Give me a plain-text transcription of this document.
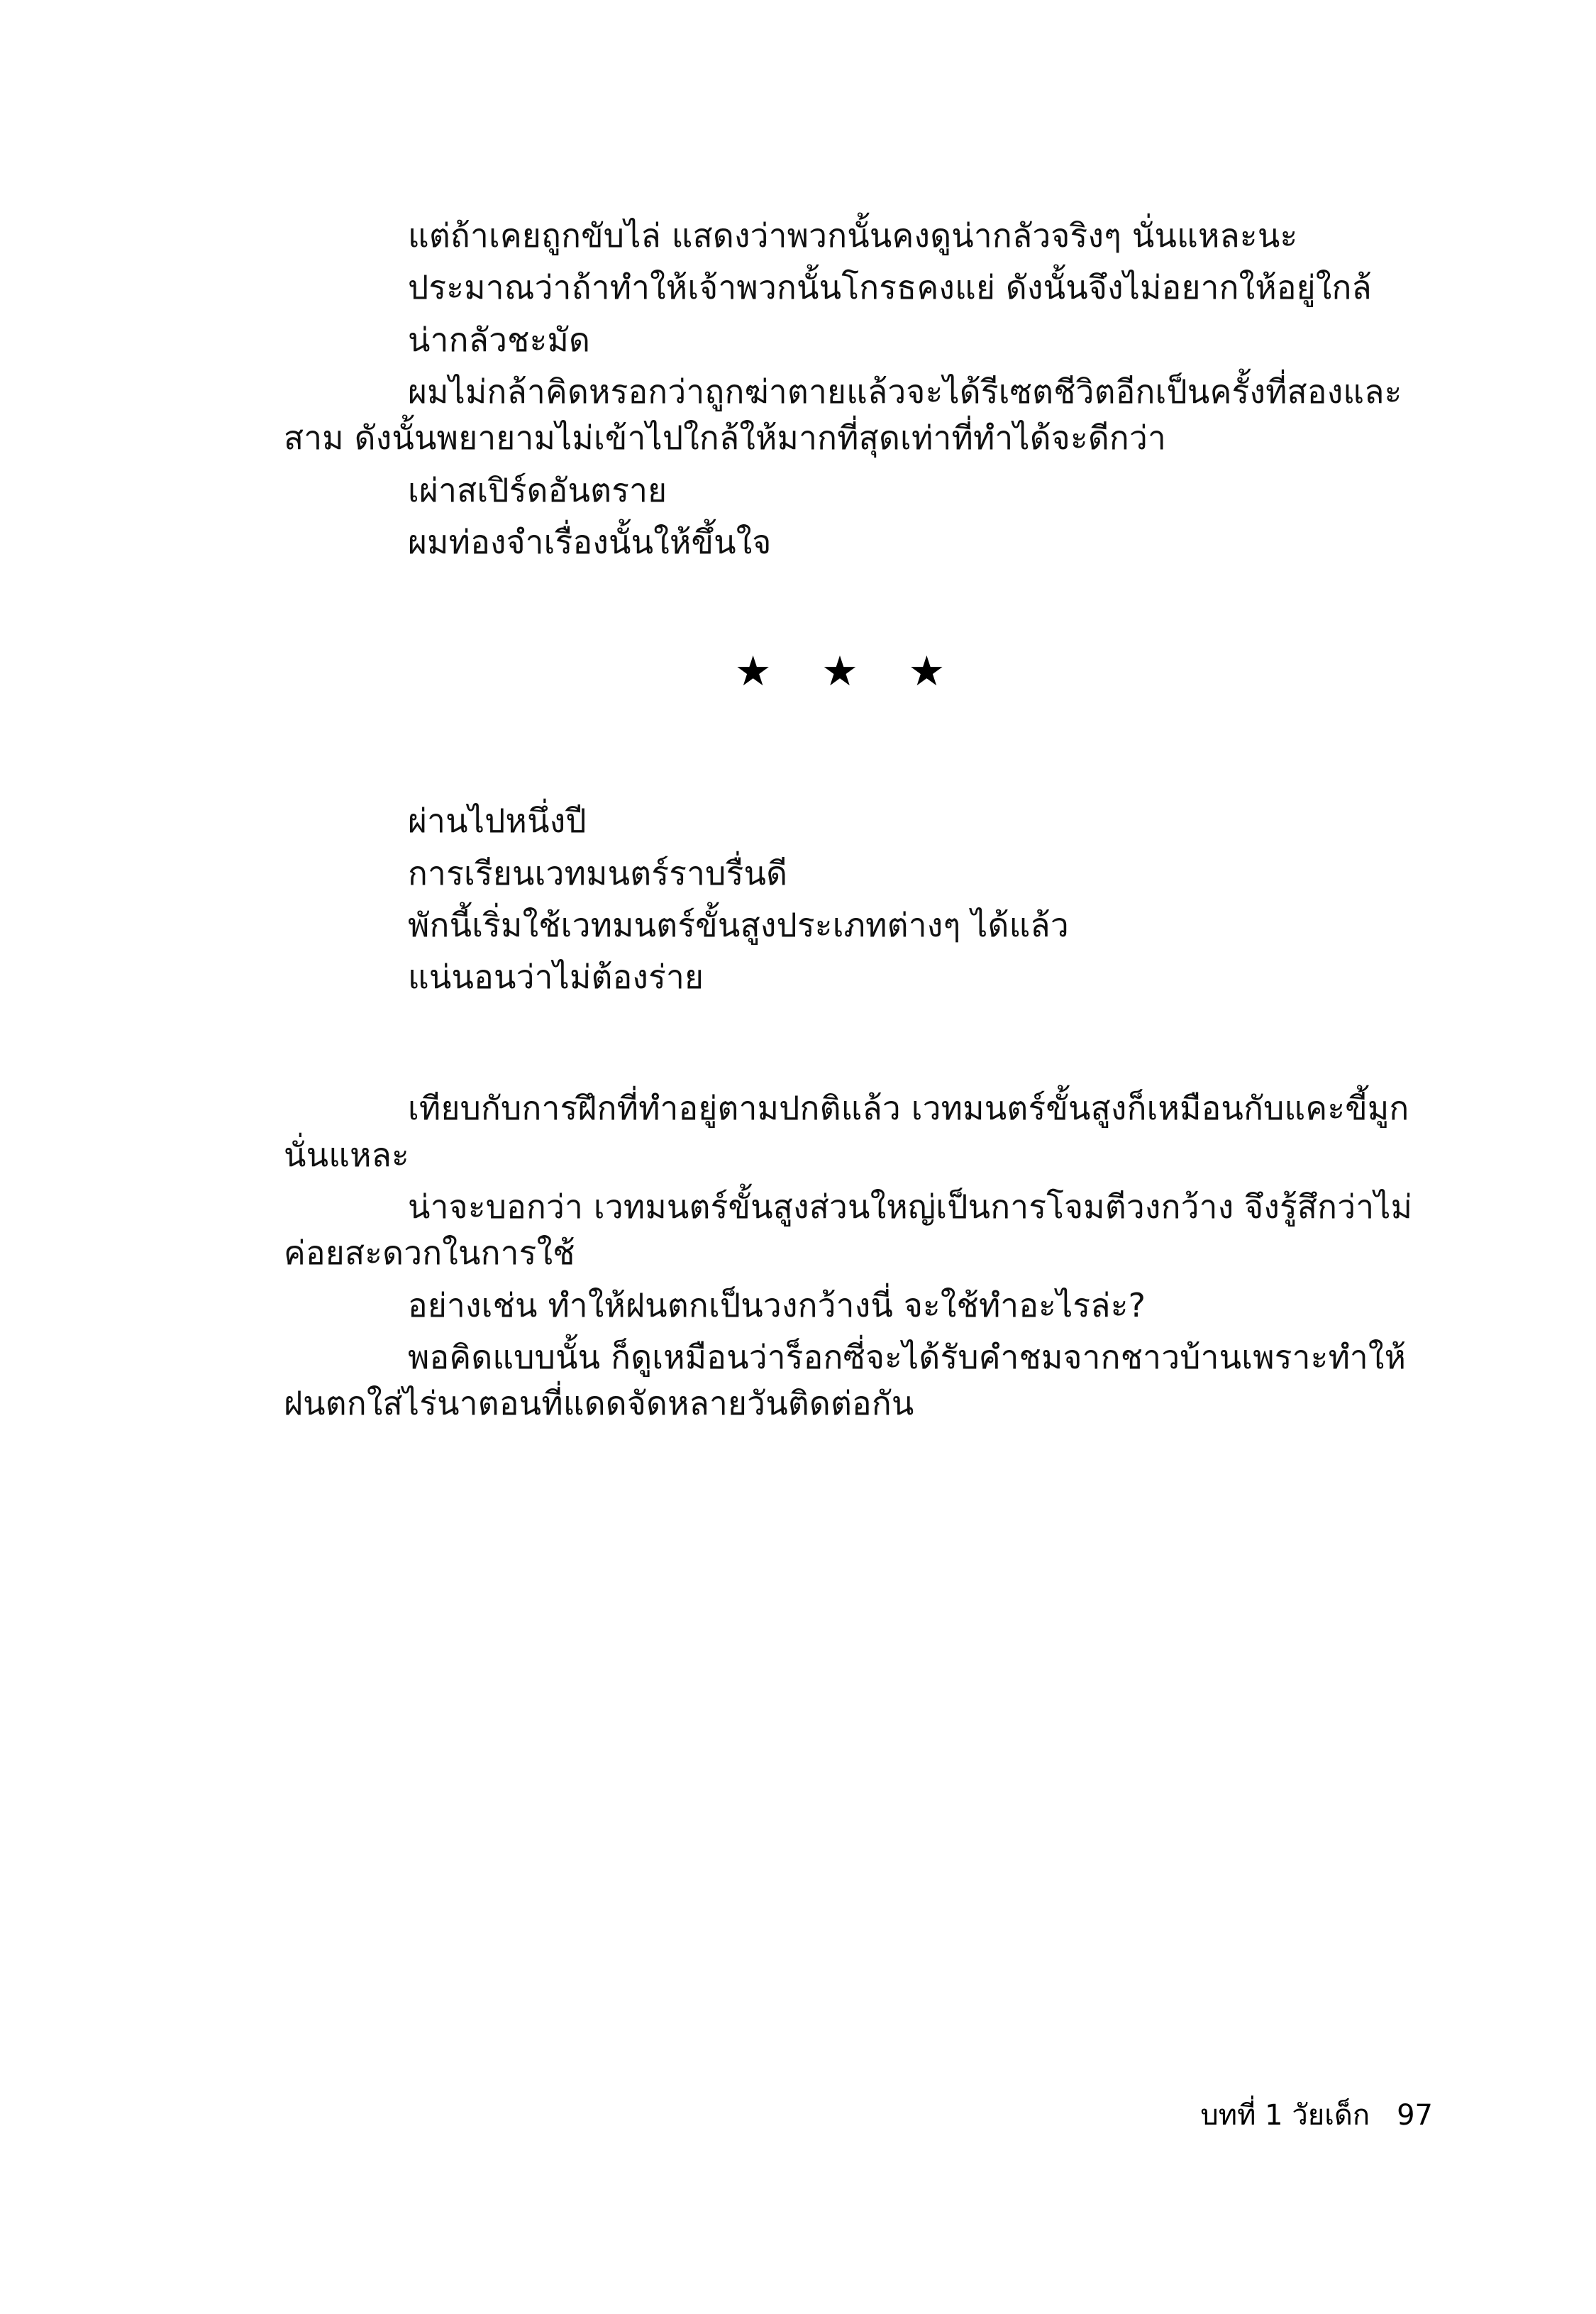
แต่ถ้าเคยถูกขับไล่ แสดงว่าพวกนั้นคงดูน่ากลัวจริงๆ นั่นแหละนะ

ประมาณว่าถ้าทำให้เจ้าพวกนั้นโกรธคงแย่ ดังนั้นจึงไม่อยากให้อยู่ใกล้

น่ากลัวชะมัด

ผมไม่กล้าคิดหรอกว่าถูกฆ่าตายแล้วจะได้รีเซตชีวิตอีกเป็นครั้งที่สองและสาม ดังนั้นพยายามไม่เข้าไปใกล้ให้มากที่สุดเท่าที่ทำได้จะดีกว่า

เผ่าสเปิร์ดอันตราย

ผมท่องจำเรื่องนั้นให้ขึ้นใจ

★ ★ ★

ผ่านไปหนึ่งปี

การเรียนเวทมนตร์ราบรื่นดี

พักนี้เริ่มใช้เวทมนตร์ขั้นสูงประเภทต่างๆ ได้แล้ว

แน่นอนว่าไม่ต้องร่าย

เทียบกับการฝึกที่ทำอยู่ตามปกติแล้ว เวทมนตร์ขั้นสูงก็เหมือนกับแคะขี้มูกนั่นแหละ

น่าจะบอกว่า เวทมนตร์ขั้นสูงส่วนใหญ่เป็นการโจมตีวงกว้าง จึงรู้สึกว่าไม่ค่อยสะดวกในการใช้

อย่างเช่น ทำให้ฝนตกเป็นวงกว้างนี่ จะใช้ทำอะไรล่ะ?

พอคิดแบบนั้น ก็ดูเหมือนว่าร็อกซี่จะได้รับคำชมจากชาวบ้านเพราะทำให้ฝนตกใส่ไร่นาตอนที่แดดจัดหลายวันติดต่อกัน

บทที่ 1 วัยเด็ก 97
